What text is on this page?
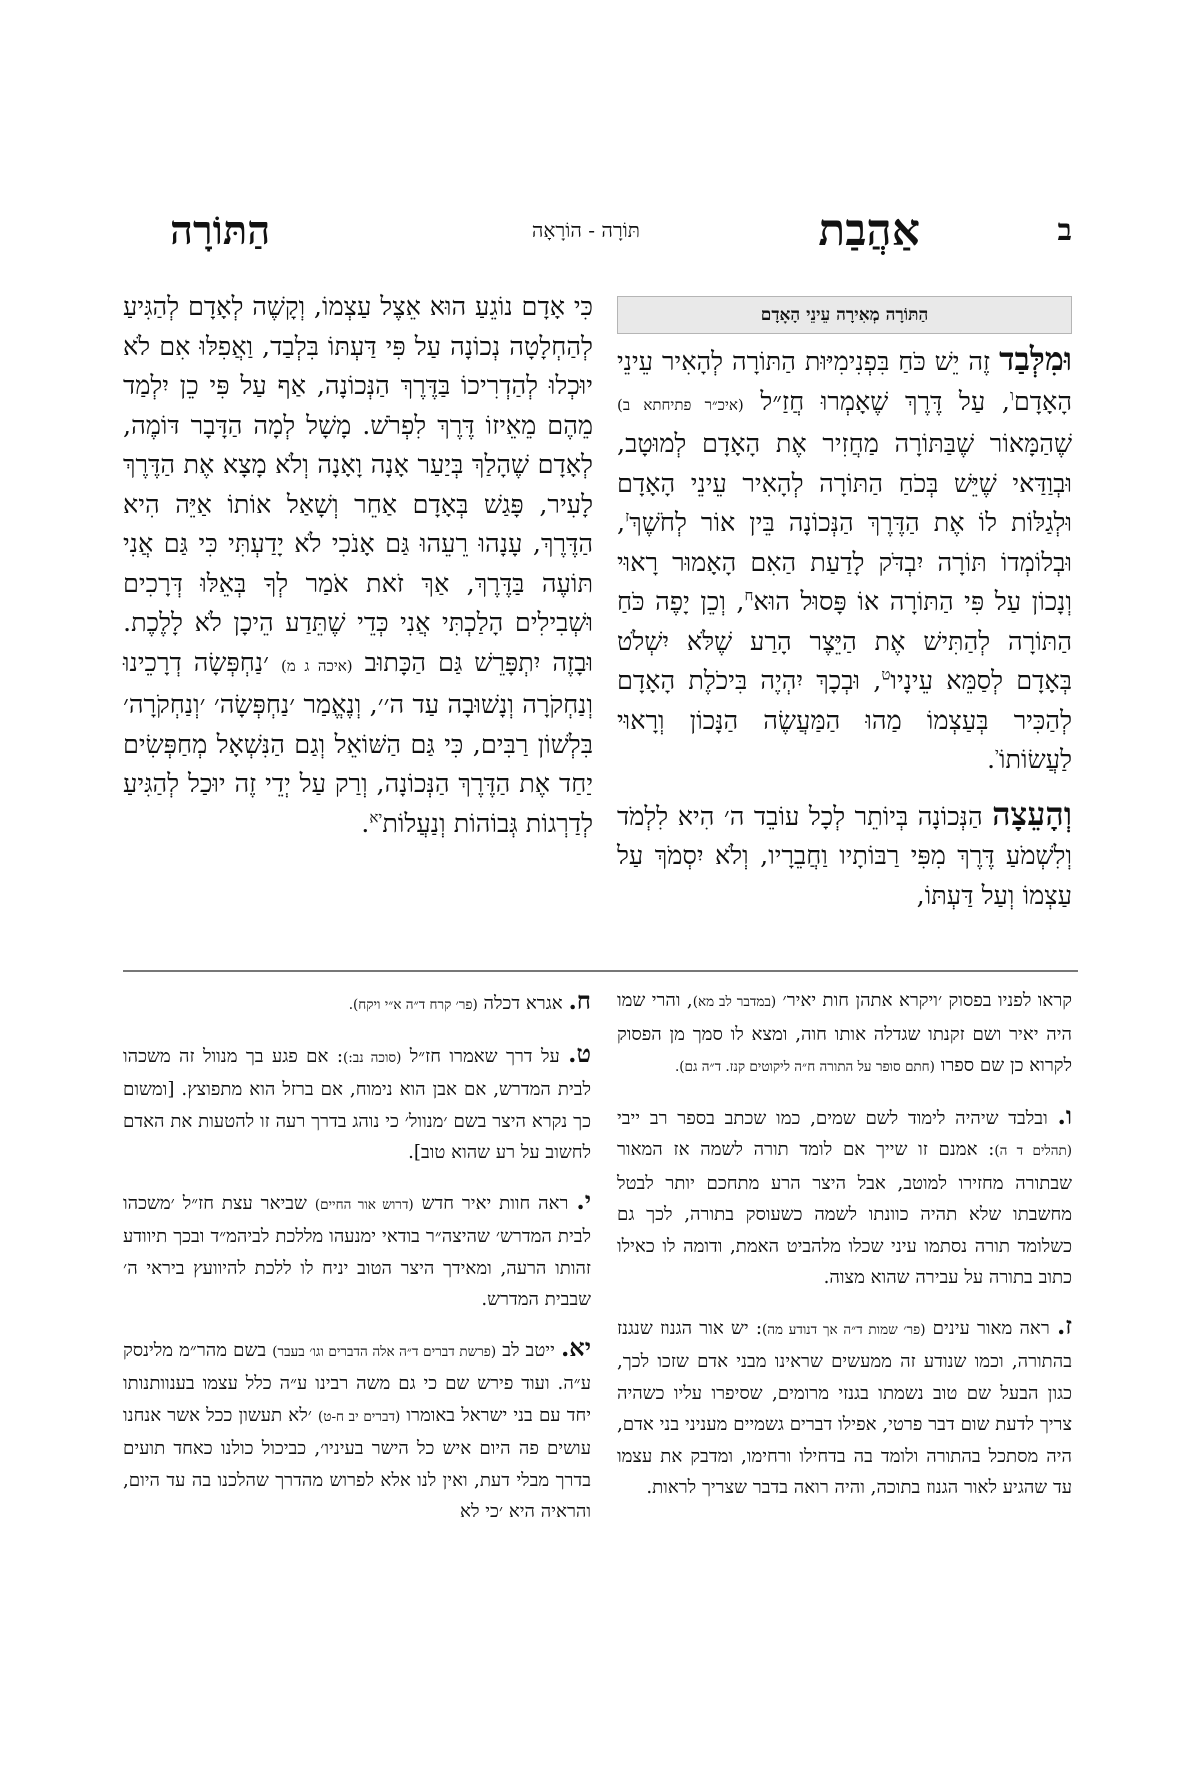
ב
אַהֲבַת
תּוֹרָה - הוֹרָאָה
הַתּוֹרָה
הַתּוֹרָה מְאִירָה עֵינֵי הָאָדָם

וּמִלְּבַד זֶה יֵשׁ כֹּחַ בִּפְנִימִיּוּת הַתּוֹרָה לְהָאִיר עֵינֵי הָאָדָם$^ו$, עַל דֶּרֶךְ שֶׁאָמְרוּ חֲזַ״ל (איכ״ר פתיחתא ב) שֶׁהַמָּאוֹר שֶׁבַּתּוֹרָה מַחֲזִיר אֶת הָאָדָם לְמוּטָב, וּבְוַדַּאי שֶׁיֵּשׁ בְּכֹחַ הַתּוֹרָה לְהָאִיר עֵינֵי הָאָדָם וּלְגַלּוֹת לוֹ אֶת הַדֶּרֶךְ הַנְּכוֹנָה בֵּין אוֹר לְחֹשֶׁךְ$^ז$, וּבְלוֹמְדוֹ תּוֹרָה יִבְדֹּק לָדַעַת הַאִם הָאָמוּר רָאוּי וְנָכוֹן עַל פִּי הַתּוֹרָה אוֹ פָּסוּל הוּא$^ח$, וְכֵן יָפֶה כֹּחַ הַתּוֹרָה לְהַתִּישׁ אֶת הַיֵּצֶר הָרַע שֶׁלֹּא יִשְׁלֹט בְּאָדָם לְסַמֵּא עֵינָיו$^ט$, וּבְכָךְ יִהְיֶה בִּיכֹלֶת הָאָדָם לְהַכִּיר בְּעַצְמוֹ מַהוּ הַמַּעֲשֶׂה הַנָּכוֹן וְרָאוּי לַעֲשׂוֹתוֹ$^י$.

וְהָעֵצָה הַנְּכוֹנָה בְּיוֹתֵר לְכָל עוֹבֵד ה׳ הִיא לִלְמֹד וְלִשְׁמֹעַ דֶּרֶךְ מִפִּי רַבּוֹתָיו וַחֲבֵרָיו, וְלֹא יִסְמֹךְ עַל עַצְמוֹ וְעַל דַּעְתּוֹ,

כִּי אָדָם נוֹגֵעַ הוּא אֵצֶל עַצְמוֹ, וְקָשֶׁה לְאָדָם לְהַגִּיעַ לְהַחְלָטָה נְכוֹנָה עַל פִּי דַּעְתּוֹ בִּלְבַד, וַאֲפִלּוּ אִם לֹא יוּכְלוּ לְהַדְרִיכוֹ בַּדֶּרֶךְ הַנְּכוֹנָה, אַף עַל פִּי כֵן יִלְמַד מֵהֶם מֵאֵיזוֹ דֶּרֶךְ לִפְרֹשׁ. מָשָׁל לְמָה הַדָּבָר דּוֹמֶה, לְאָדָם שֶׁהָלַךְ בְּיַעַר אָנָה וָאָנָה וְלֹא מָצָא אֶת הַדֶּרֶךְ לָעִיר, פָּגַשׁ בְּאָדָם אַחֵר וְשָׁאַל אוֹתוֹ אַיֵּה הִיא הַדֶּרֶךְ, עָנָהוּ רֵעֵהוּ גַּם אָנֹכִי לֹא יָדַעְתִּי כִּי גַּם אֲנִי תּוֹעֶה בַּדֶּרֶךְ, אַךְ זֹאת אֹמַר לְךָ בְּאֵלּוּ דְּרָכִים וּשְׁבִילִים הָלַכְתִּי אֲנִי כְּדֵי שֶׁתֵּדַע הֵיכָן לֹא לָלֶכֶת. וּבָזֶה יִתְפָּרֵשׁ גַּם הַכָּתוּב (איכה ג מ) ׳נַחְפְּשָׂה דְרָכֵינוּ וְנַחְקֹרָה וְנָשׁוּבָה עַד ה׳׳, וְנֶאֱמַר ׳נַחְפְּשָׂה׳ ׳וְנַחְקֹרָה׳ בִּלְשׁוֹן רַבִּים, כִּי גַּם הַשּׁוֹאֵל וְגַם הַנִּשְׁאָל מְחַפְּשִׂים יַחַד אֶת הַדֶּרֶךְ הַנְּכוֹנָה, וְרַק עַל יְדֵי זֶה יוּכַל לְהַגִּיעַ לְדַרְגוֹת גְּבוֹהוֹת וְנַעֲלוֹת$^{יא}$.

קראו לפניו בפסוק ׳ויקרא אתהן חות יאיר׳ (במדבר לב מא), והרי שמו היה יאיר ושם זקנתו שגדלה אותו חוה, ומצא לו סמך מן הפסוק לקרוא כן שם ספרו (חתם סופר על התורה ח״ה ליקוטים קנז. ד״ה גם).

ו. ובלבד שיהיה לימוד לשם שמים, כמו שכתב בספר רב ייבי (תהלים ד ה): אמנם זו שייך אם לומד תורה לשמה אז המאור שבתורה מחזירו למוטב, אבל היצר הרע מתחכם יותר לבטל מחשבתו שלא תהיה כוונתו לשמה כשעוסק בתורה, לכך גם כשלומד תורה נסתמו עיני שכלו מלהביט האמת, ודומה לו כאילו כתוב בתורה על עבירה שהוא מצוה.

ז. ראה מאור עינים (פר׳ שמות ד״ה אך דנודע מה): יש אור הגנוז שנגנז בהתורה, וכמו שנודע זה ממעשים שראינו מבני אדם שזכו לכך, כגון הבעל שם טוב נשמתו בגנזי מרומים, שסיפרו עליו כשהיה צריך לדעת שום דבר פרטי, אפילו דברים גשמיים מעניני בני אדם, היה מסתכל בהתורה ולומד בה בדחילו ורחימו, ומדבק את עצמו עד שהגיע לאור הגנוז בתוכה, והיה רואה בדבר שצריך לראות.

ח. אגרא דכלה (פר׳ קרח ד״ה א״י ויקח).

ט. על דרך שאמרו חז״ל (סוכה נב:): אם פגע בך מנוול זה משכהו לבית המדרש, אם אבן הוא נימוח, אם ברזל הוא מתפוצץ. [ומשום כך נקרא היצר בשם ׳מנוול׳ כי נוהג בדרך רעה זו להטעות את האדם לחשוב על רע שהוא טוב].

י. ראה חוות יאיר חדש (דרוש אור החיים) שביאר עצת חז״ל ׳משכהו לבית המדרש׳ שהיצה״ר בודאי ימנעהו מללכת לביהמ״ד ובכך תיוודע זהותו הרעה, ומאידך היצר הטוב יניח לו ללכת להיוועץ ביראי ה׳ שבבית המדרש.

יא. ייטב לב (פרשת דברים ד״ה אלה הדברים וגו׳ בעבר) בשם מהר״מ מלינסק ע״ה. ועוד פירש שם כי גם משה רבינו ע״ה כלל עצמו בענוותנותו יחד עם בני ישראל באומרו (דברים יב ח-ט) ׳לא תעשון ככל אשר אנחנו עושים פה היום איש כל הישר בעיניו׳, כביכול כולנו כאחד תועים בדרך מבלי דעת, ואין לנו אלא לפרוש מהדרך שהלכנו בה עד היום, והראיה היא ׳כי לא
